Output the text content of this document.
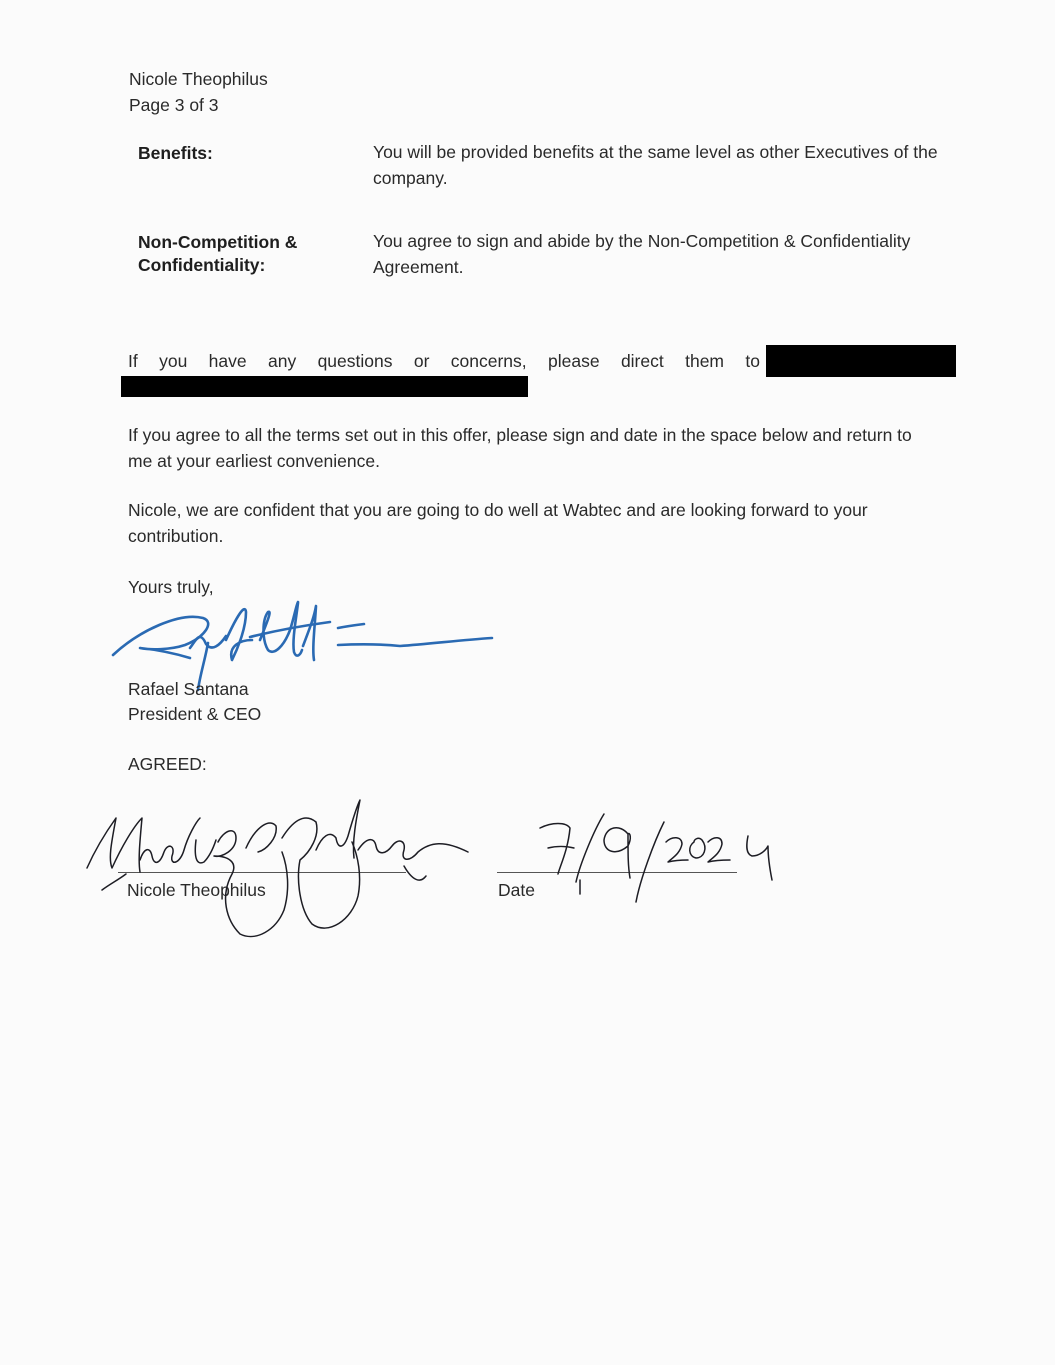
Nicole Theophilus
Page 3 of 3
Benefits:	You will be provided benefits at the same level as other Executives of the company.
Non-Competition &
Confidentiality:
You agree to sign and abide by the Non-Competition & Confidentiality Agreement.
If you have any questions or concerns, please direct them to
If you agree to all the terms set out in this offer, please sign and date in the space below and return to me at your earliest convenience.
Nicole, we are confident that you are going to do well at Wabtec and are looking forward to your contribution.
Yours truly,
Rafael Santana
President & CEO
AGREED:
Nicole Theophilus	Date
